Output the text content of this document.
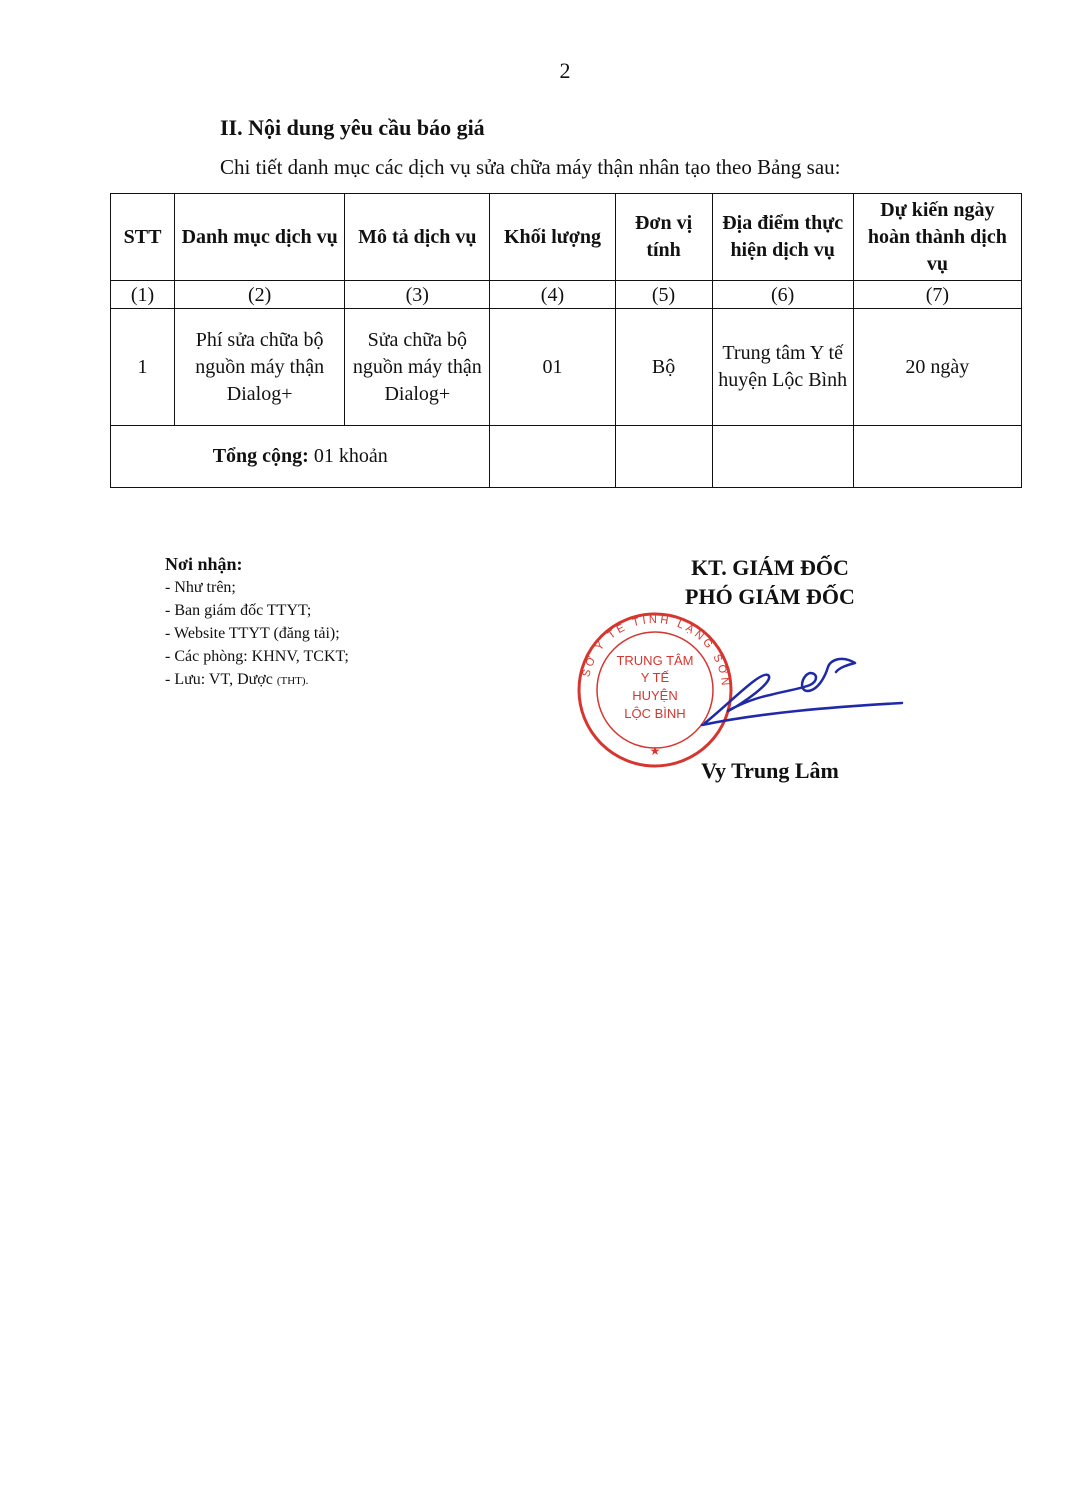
2
II. Nội dung yêu cầu báo giá
Chi tiết danh mục các dịch vụ sửa chữa máy thận nhân tạo theo Bảng sau:
STT	Danh mục dịch vụ	Mô tả dịch vụ	Khối lượng	Đơn vị tính	Địa điểm thực hiện dịch vụ	Dự kiến ngày hoàn thành dịch vụ
(1)	(2)	(3)	(4)	(5)	(6)	(7)
1	Phí sửa chữa bộ nguồn máy thận Dialog+	Sửa chữa bộ nguồn máy thận Dialog+	01	Bộ	Trung tâm Y tế huyện Lộc Bình	20 ngày
Tổng cộng: 01 khoản						
Nơi nhận:
- Như trên;
- Ban giám đốc TTYT;
- Website TTYT (đăng tải);
- Các phòng: KHNV, TCKT;
- Lưu: VT, Dược (THT).
KT. GIÁM ĐỐC
PHÓ GIÁM ĐỐC
SỞ Y TẾ TỈNH LẠNG SƠN
TRUNG TÂM
Y TẾ
HUYỆN
LỘC BÌNH
★
Vy Trung Lâm
